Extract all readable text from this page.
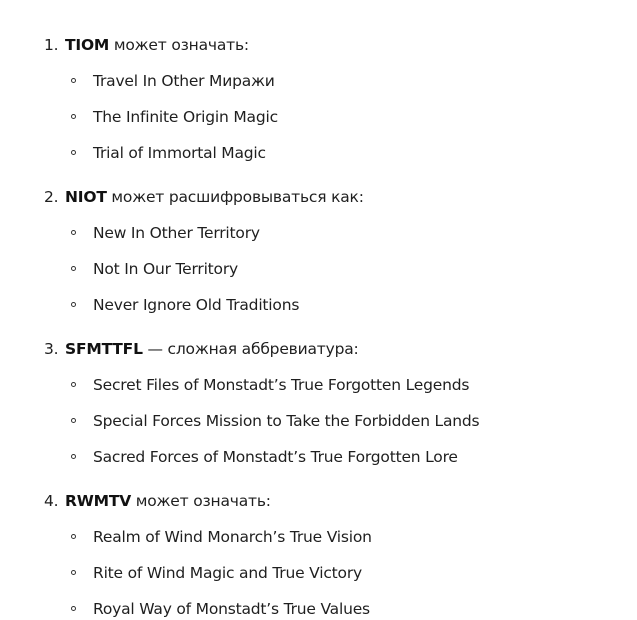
1. TIOM может означать:
Travel In Other Миражи
The Infinite Origin Magic
Trial of Immortal Magic
2. NIOT может расшифровываться как:
New In Other Territory
Not In Our Territory
Never Ignore Old Traditions
3. SFMTTFL — сложная аббревиатура:
Secret Files of Monstadt’s True Forgotten Legends
Special Forces Mission to Take the Forbidden Lands
Sacred Forces of Monstadt’s True Forgotten Lore
4. RWMTV может означать:
Realm of Wind Monarch’s True Vision
Rite of Wind Magic and True Victory
Royal Way of Monstadt’s True Values
